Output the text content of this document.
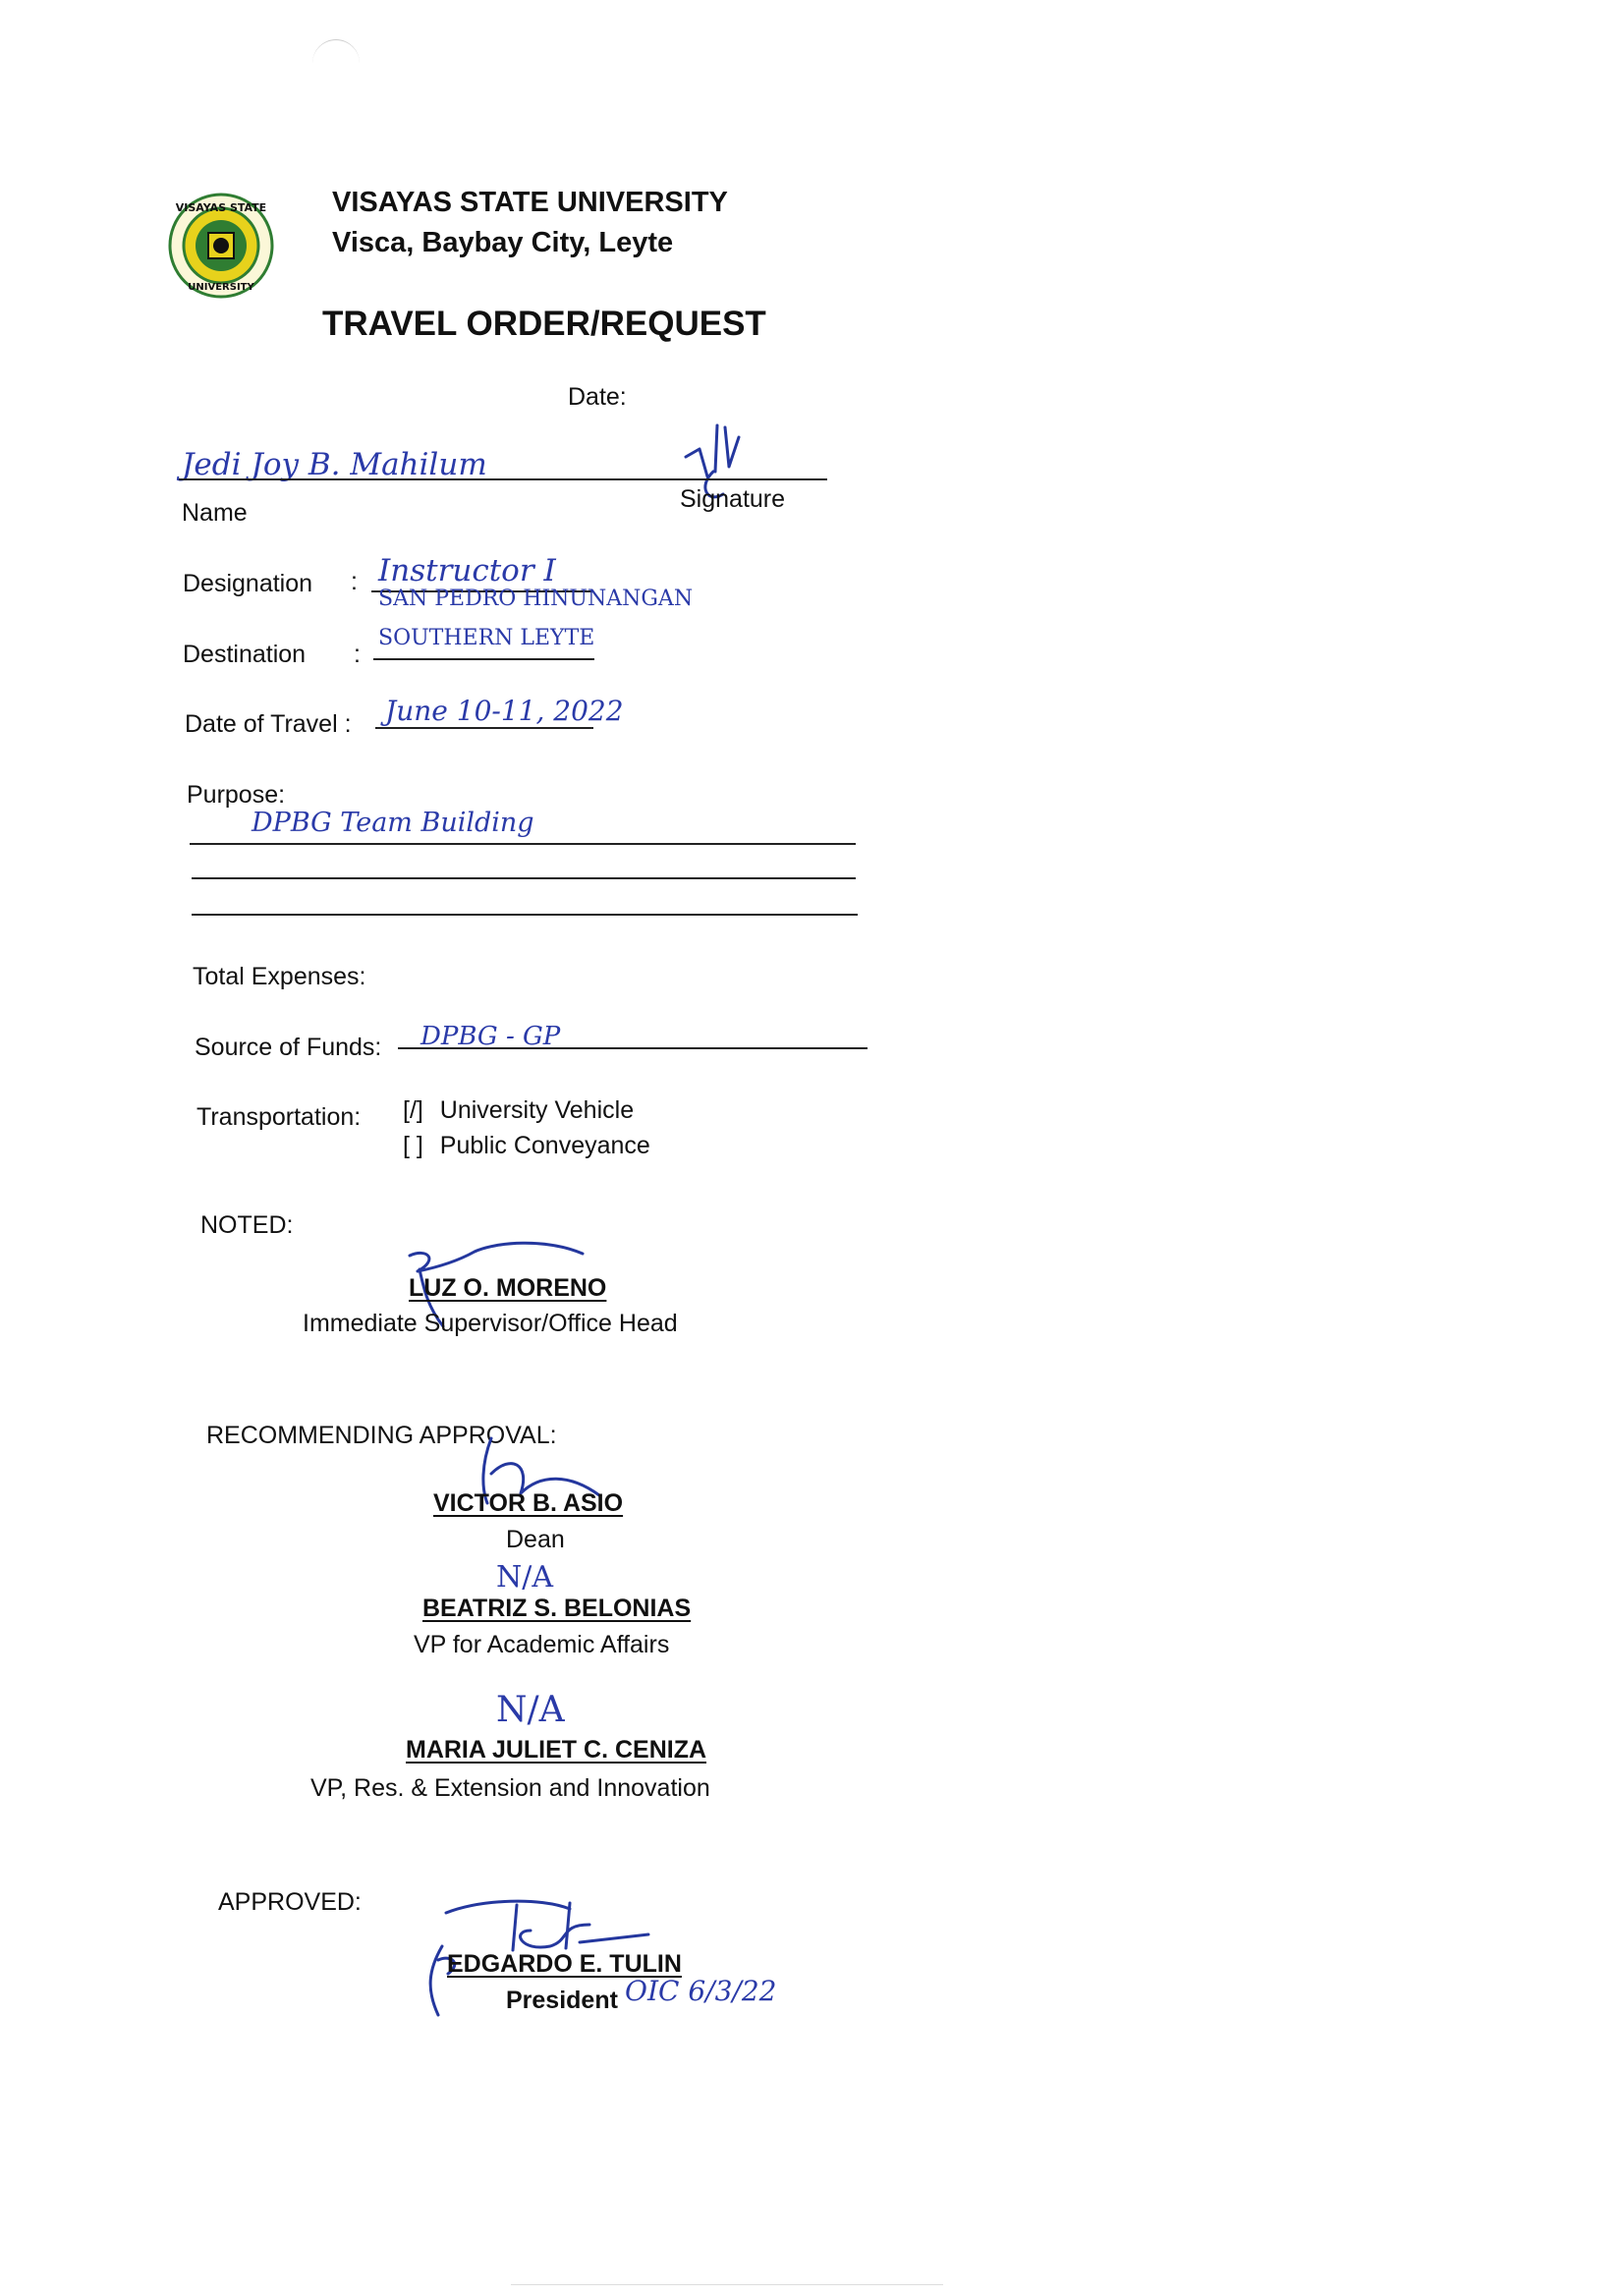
VISAYAS STATE
UNIVERSITY
VISAYAS STATE UNIVERSITY
Visca, Baybay City, Leyte
TRAVEL ORDER/REQUEST
Date:
Jedi Joy B. Mahilum
Name	Signature
Designation : Instructor I
SAN PEDRO HINUNANGAN
SOUTHERN LEYTE
Destination :
Date of Travel : June 10-11, 2022
Purpose:
DPBG Team Building
Total Expenses:
Source of Funds: DPBG - GP
Transportation: [/] University Vehicle
[ ] Public Conveyance
NOTED:
LUZ O. MORENO
Immediate Supervisor/Office Head
RECOMMENDING APPROVAL:
VICTOR B. ASIO
Dean
N/A
BEATRIZ S. BELONIAS
VP for Academic Affairs
N/A
MARIA JULIET C. CENIZA
VP, Res. & Extension and Innovation
APPROVED:
EDGARDO E. TULIN
President OIC 6/3/22
